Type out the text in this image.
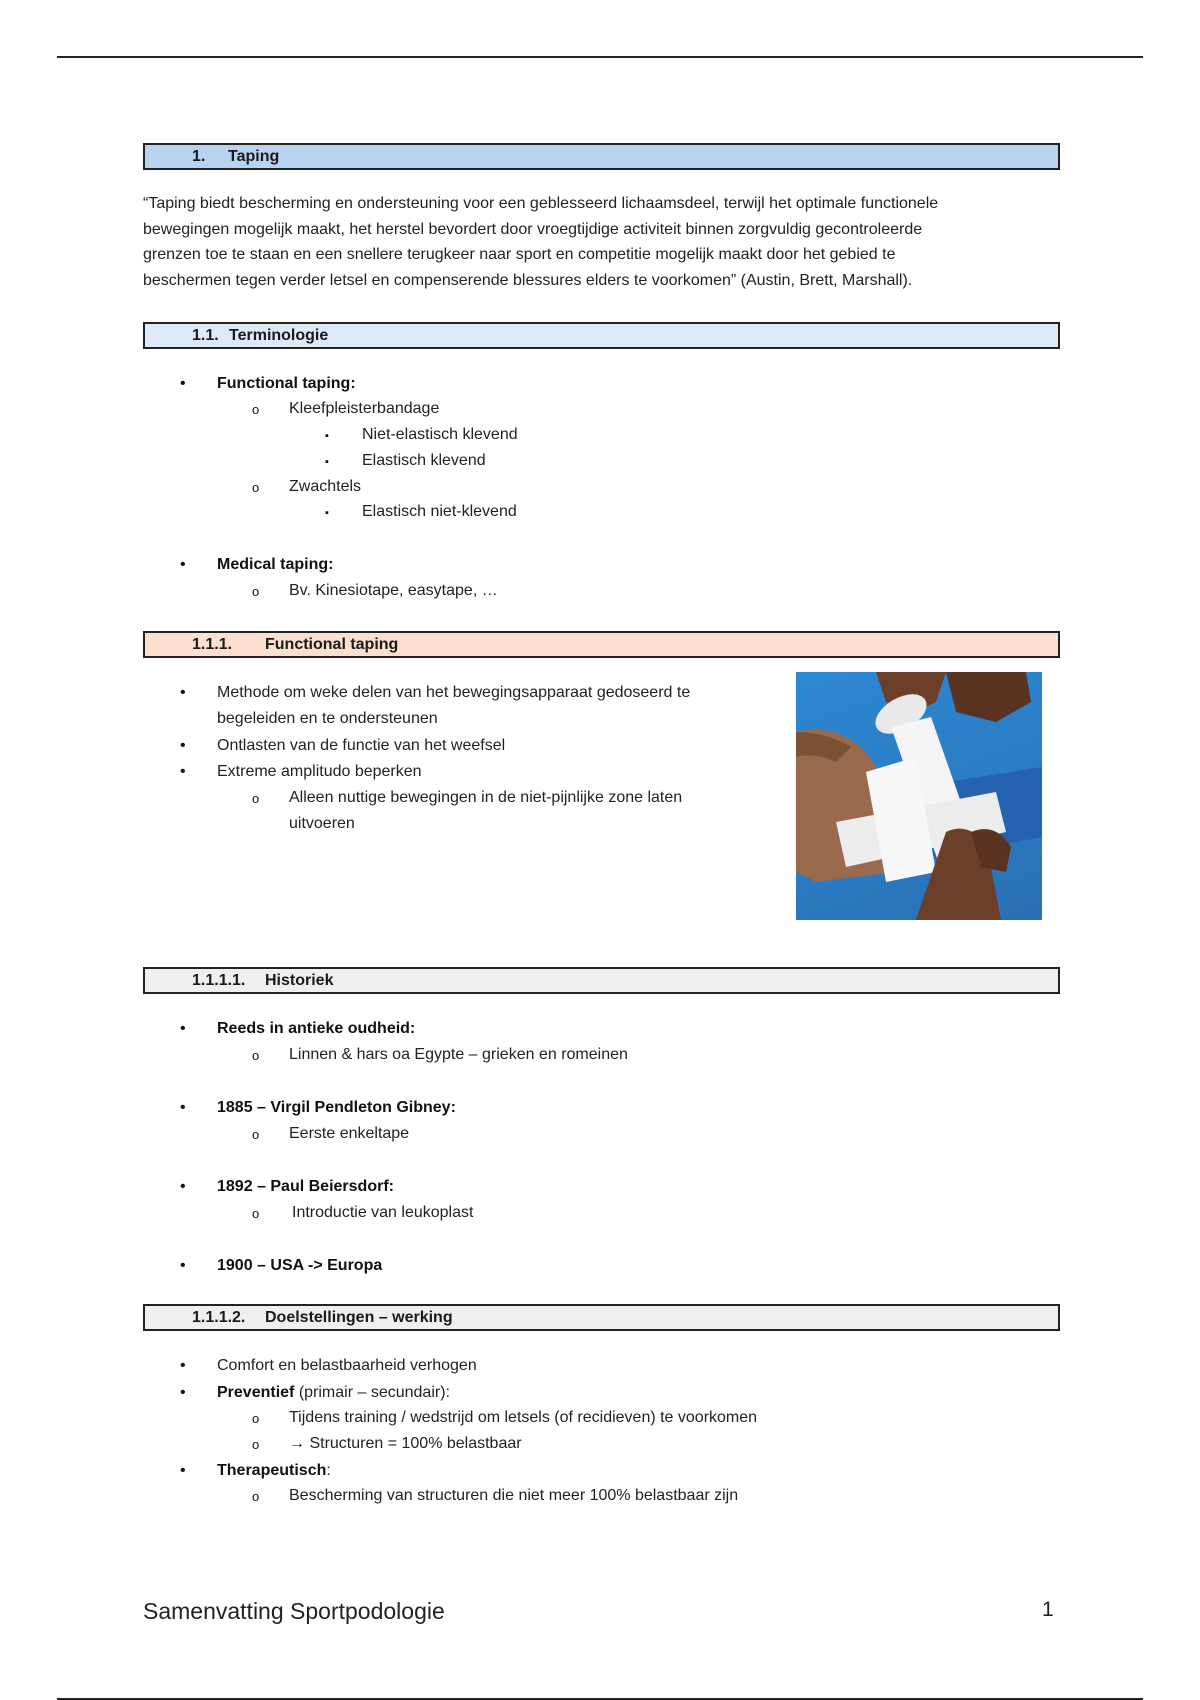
1. Taping
“Taping biedt bescherming en ondersteuning voor een geblesseerd lichaamsdeel, terwijl het optimale functionele
bewegingen mogelijk maakt, het herstel bevordert door vroegtijdige activiteit binnen zorgvuldig gecontroleerde
grenzen toe te staan en een snellere terugkeer naar sport en competitie mogelijk maakt door het gebied te
beschermen tegen verder letsel en compenserende blessures elders te voorkomen” (Austin, Brett, Marshall).
1.1. Terminologie
• Functional taping:
o Kleefpleisterbandage
▪ Niet-elastisch klevend
▪ Elastisch klevend
o Zwachtels
▪ Elastisch niet-klevend
• Medical taping:
o Bv. Kinesiotape, easytape, …
1.1.1. Functional taping
• Methode om weke delen van het bewegingsapparaat gedoseerd te
begeleiden en te ondersteunen
• Ontlasten van de functie van het weefsel
• Extreme amplitudo beperken
o Alleen nuttige bewegingen in de niet-pijnlijke zone laten
uitvoeren
1.1.1.1. Historiek
• Reeds in antieke oudheid:
o Linnen & hars oa Egypte – grieken en romeinen
• 1885 – Virgil Pendleton Gibney:
o Eerste enkeltape
• 1892 – Paul Beiersdorf:
o Introductie van leukoplast
• 1900 – USA -> Europa
1.1.1.2. Doelstellingen – werking
• Comfort en belastbaarheid verhogen
• Preventief (primair – secundair):
o Tijdens training / wedstrijd om letsels (of recidieven) te voorkomen
o → Structuren = 100% belastbaar
• Therapeutisch:
o Bescherming van structuren die niet meer 100% belastbaar zijn
Samenvatting Sportpodologie	1
